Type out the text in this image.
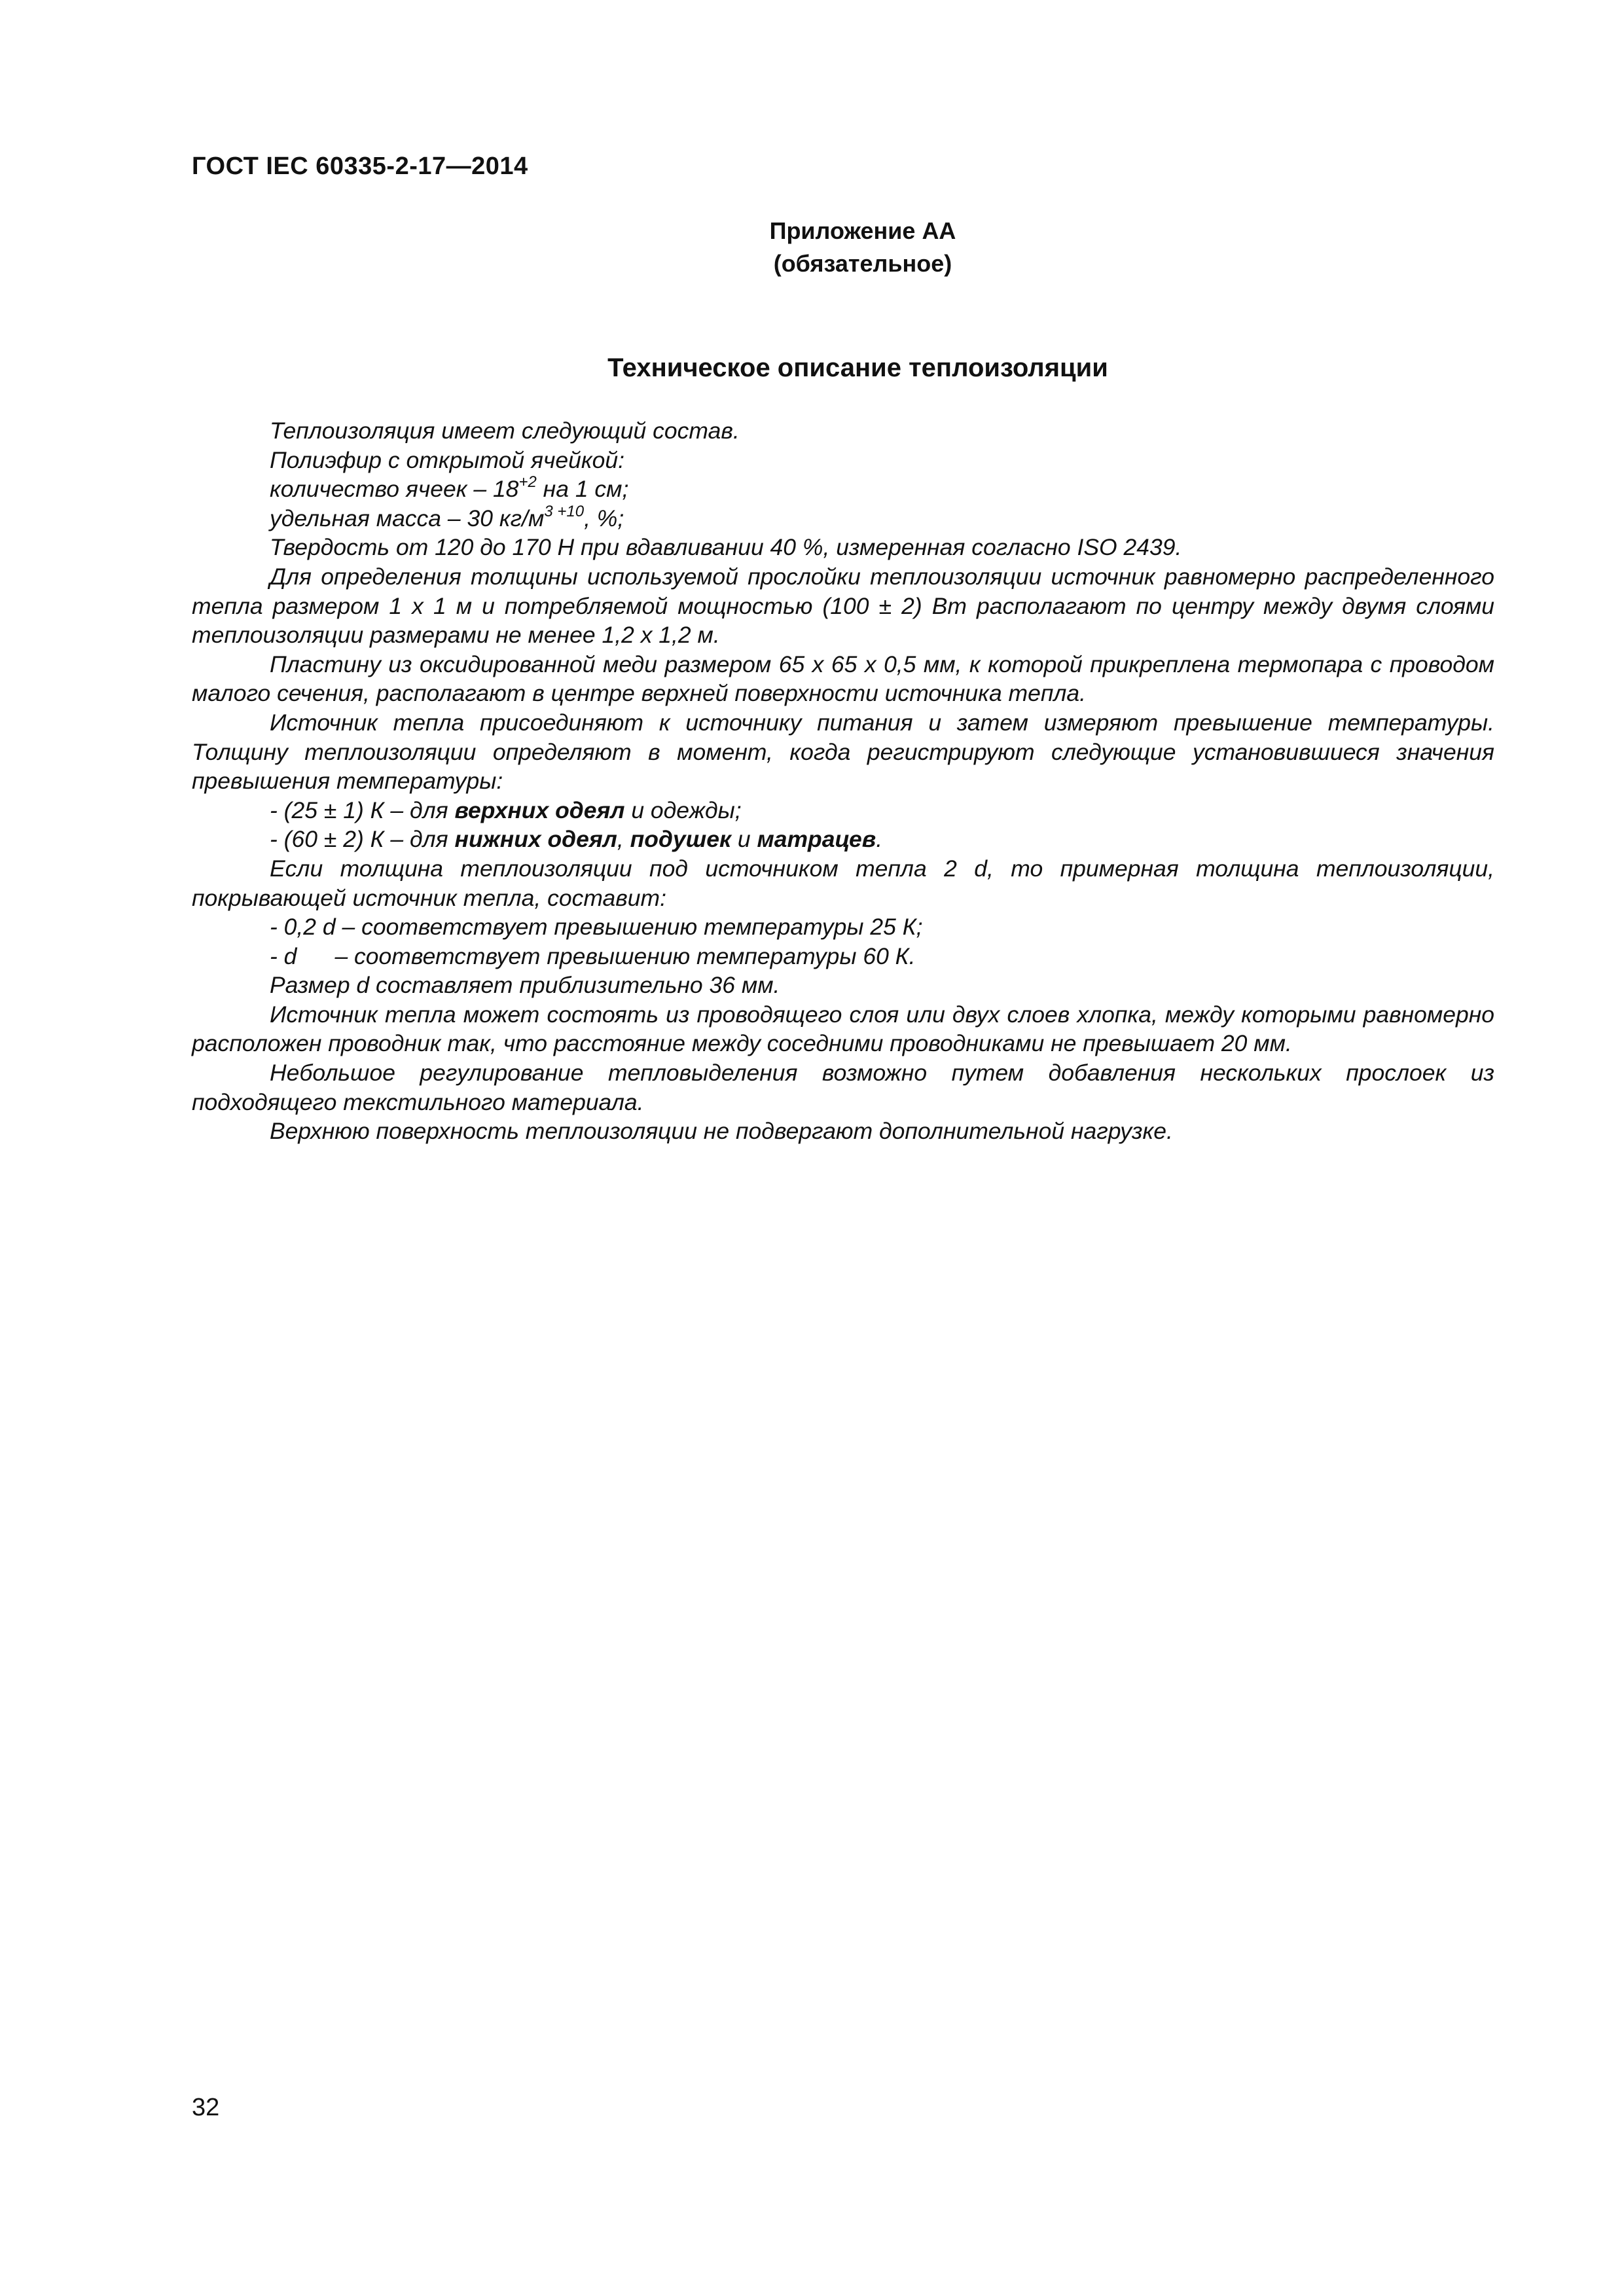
ГОСТ IEC 60335-2-17—2014
Приложение АА
(обязательное)
Техническое описание теплоизоляции

Теплоизоляция имеет следующий состав.

Полиэфир с открытой ячейкой:

количество ячеек – $18^{+2}$ на 1 см;

удельная масса – 30 $кг/м^{3 +10}$, %;

Твердость от 120 до 170 Н при вдавливании 40 %, измеренная согласно ISO 2439.

Для определения толщины используемой прослойки теплоизоляции источник равномерно распределенного тепла размером 1 х 1 м и потребляемой мощностью (100 ± 2) Вт располагают по центру между двумя слоями теплоизоляции размерами не менее 1,2 х 1,2 м.

Пластину из оксидированной меди размером 65 х 65 х 0,5 мм, к которой прикреплена термопара с проводом малого сечения, располагают в центре верхней поверхности источника тепла.

Источник тепла присоединяют к источнику питания и затем измеряют превышение температуры. Толщину теплоизоляции определяют в момент, когда регистрируют следующие установившиеся значения превышения температуры:

- (25 ± 1) К – для верхних одеял и одежды;

- (60 ± 2) К – для нижних одеял, подушек и матрацев.

Если толщина теплоизоляции под источником тепла 2 d, то примерная толщина теплоизоляции, покрывающей источник тепла, составит:

- 0,2 d – соответствует превышению температуры 25 К;

- d – соответствует превышению температуры 60 К.

Размер d составляет приблизительно 36 мм.

Источник тепла может состоять из проводящего слоя или двух слоев хлопка, между которыми равномерно расположен проводник так, что расстояние между соседними проводниками не превышает 20 мм.

Небольшое регулирование тепловыделения возможно путем добавления нескольких прослоек из подходящего текстильного материала.

Верхнюю поверхность теплоизоляции не подвергают дополнительной нагрузке.

32
